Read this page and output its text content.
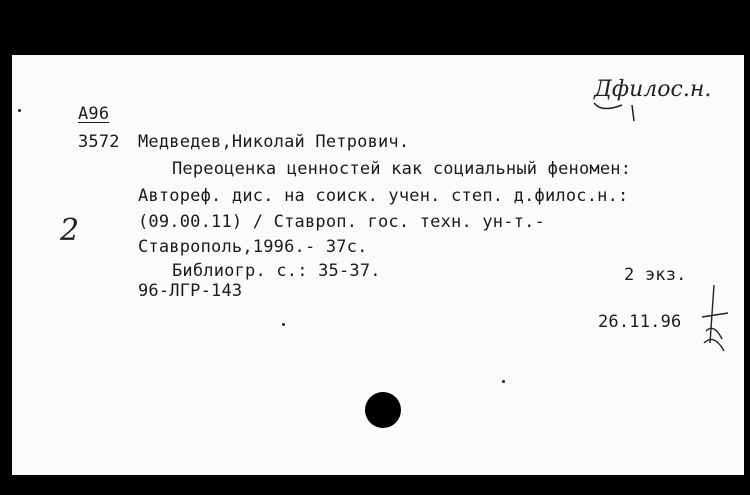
Дфилос.н.
А96
3572 Медведев,Николай Петрович.
Переоценка ценностей как социальный феномен:
Автореф. дис. на соиск. учен. степ. д.филос.н.:
(09.00.11) / Ставроп. гос. техн. ун-т.-
Ставрополь,1996.- 37с.
Библиогр. с.: 35-37.	2 экз.
96-ЛГР-143
26.11.96
2
